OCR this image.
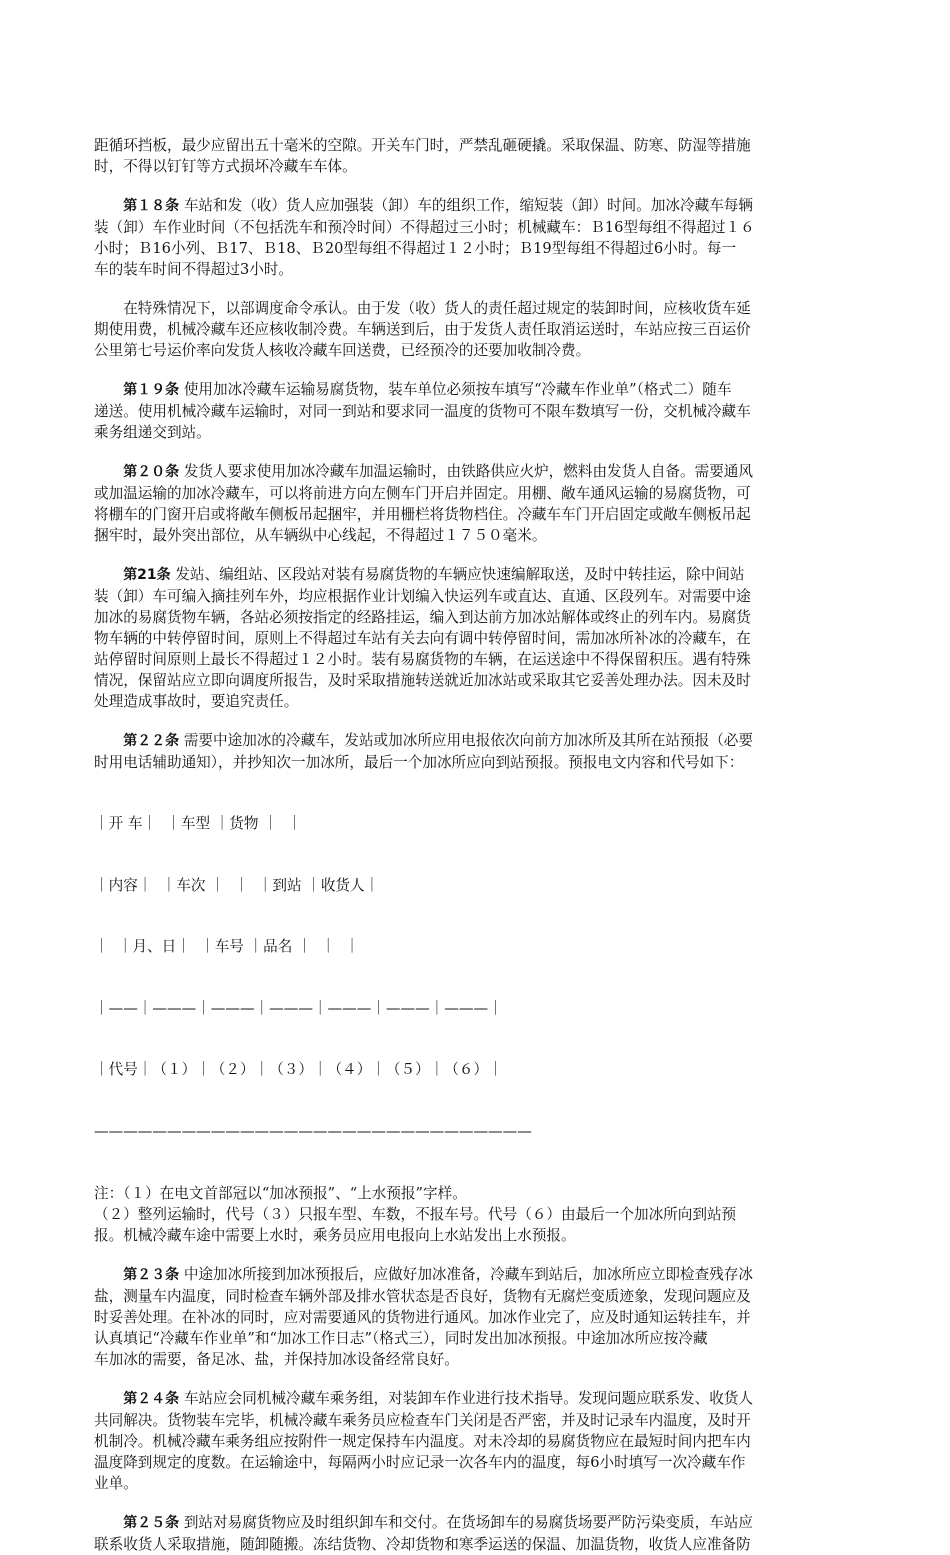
距循环挡板，最少应留出五十毫米的空隙。开关车门时，严禁乱砸硬撬。采取保温、防寒、防湿等措施

时，不得以钉钉等方式损坏冷藏车车体。

第１８条 车站和发（收）货人应加强装（卸）车的组织工作，缩短装（卸）时间。加冰冷藏车每辆

装（卸）车作业时间（不包括洗车和预冷时间）不得超过三小时；机械藏车：Ｂ16型每组不得超过１６

小时；Ｂ16小列、Ｂ17、Ｂ18、Ｂ20型每组不得超过１２小时；Ｂ19型每组不得超过6小时。每一

车的装车时间不得超过3小时。

在特殊情况下，以部调度命令承认。由于发（收）货人的责任超过规定的装卸时间，应核收货车延

期使用费，机械冷藏车还应核收制冷费。车辆送到后，由于发货人责任取消运送时，车站应按三百运价

公里第七号运价率向发货人核收冷藏车回送费，已经预冷的还要加收制冷费。

第１９条 使用加冰冷藏车运输易腐货物，装车单位必须按车填写“冷藏车作业单”（格式二）随车

递送。使用机械冷藏车运输时，对同一到站和要求同一温度的货物可不限车数填写一份，交机械冷藏车

乘务组递交到站。

第２０条 发货人要求使用加冰冷藏车加温运输时，由铁路供应火炉，燃料由发货人自备。需要通风

或加温运输的加冰冷藏车，可以将前进方向左侧车门开启并固定。用棚、敞车通风运输的易腐货物，可

将棚车的门窗开启或将敞车侧板吊起捆牢，并用栅栏将货物档住。冷藏车车门开启固定或敞车侧板吊起

捆牢时，最外突出部位，从车辆纵中心线起，不得超过１７５０毫米。

第21条 发站、编组站、区段站对装有易腐货物的车辆应快速编解取送，及时中转挂运，除中间站

装（卸）车可编入摘挂列车外，均应根据作业计划编入快运列车或直达、直通、区段列车。对需要中途

加冰的易腐货物车辆，各站必须按指定的经路挂运，编入到达前方加冰站解体或终止的列车内。易腐货

物车辆的中转停留时间，原则上不得超过车站有关去向有调中转停留时间，需加冰所补冰的冷藏车，在

站停留时间原则上最长不得超过１２小时。装有易腐货物的车辆，在运送途中不得保留积压。遇有特殊

情况，保留站应立即向调度所报告，及时采取措施转送就近加冰站或采取其它妥善处理办法。因未及时

处理造成事故时，要追究责任。

第２２条 需要中途加冰的冷藏车，发站或加冰所应用电报依次向前方加冰所及其所在站预报（必要

时用电话辅助通知），并抄知次一加冰所，最后一个加冰所应向到站预报。预报电文内容和代号如下：

｜开 车｜  ｜车型 ｜货物 ｜  ｜

｜内容｜  ｜车次 ｜  ｜  ｜到站 ｜收货人｜

｜  ｜月、日｜  ｜车号 ｜品名 ｜  ｜  ｜

｜——｜———｜———｜———｜———｜———｜———｜

｜代号｜（１）｜（２）｜（３）｜（４）｜（５）｜（６）｜

——————————————————————————————

注：（１）在电文首部冠以“加冰预报”、“上水预报”字样。

（２）整列运输时，代号（３）只报车型、车数，不报车号。代号（６）由最后一个加冰所向到站预

报。机械冷藏车途中需要上水时，乘务员应用电报向上水站发出上水预报。

第２３条 中途加冰所接到加冰预报后，应做好加冰准备，冷藏车到站后，加冰所应立即检查残存冰

盐，测量车内温度，同时检查车辆外部及排水管状态是否良好，货物有无腐烂变质迹象，发现问题应及

时妥善处理。在补冰的同时，应对需要通风的货物进行通风。加冰作业完了，应及时通知运转挂车，并

认真填记“冷藏车作业单”和“加冰工作日志”（格式三），同时发出加冰预报。中途加冰所应按冷藏

车加冰的需要，备足冰、盐，并保持加冰设备经常良好。

第２４条 车站应会同机械冷藏车乘务组，对装卸车作业进行技术指导。发现问题应联系发、收货人

共同解决。货物装车完毕，机械冷藏车乘务员应检查车门关闭是否严密，并及时记录车内温度，及时开

机制冷。机械冷藏车乘务组应按附件一规定保持车内温度。对未冷却的易腐货物应在最短时间内把车内

温度降到规定的度数。在运输途中，每隔两小时应记录一次各车内的温度，每6小时填写一次冷藏车作

业单。

第２５条 到站对易腐货物应及时组织卸车和交付。在货场卸车的易腐货场要严防污染变质，车站应

联系收货人采取措施，随卸随搬。冻结货物、冷却货物和寒季运送的保温、加温货物，收货人应准备防
